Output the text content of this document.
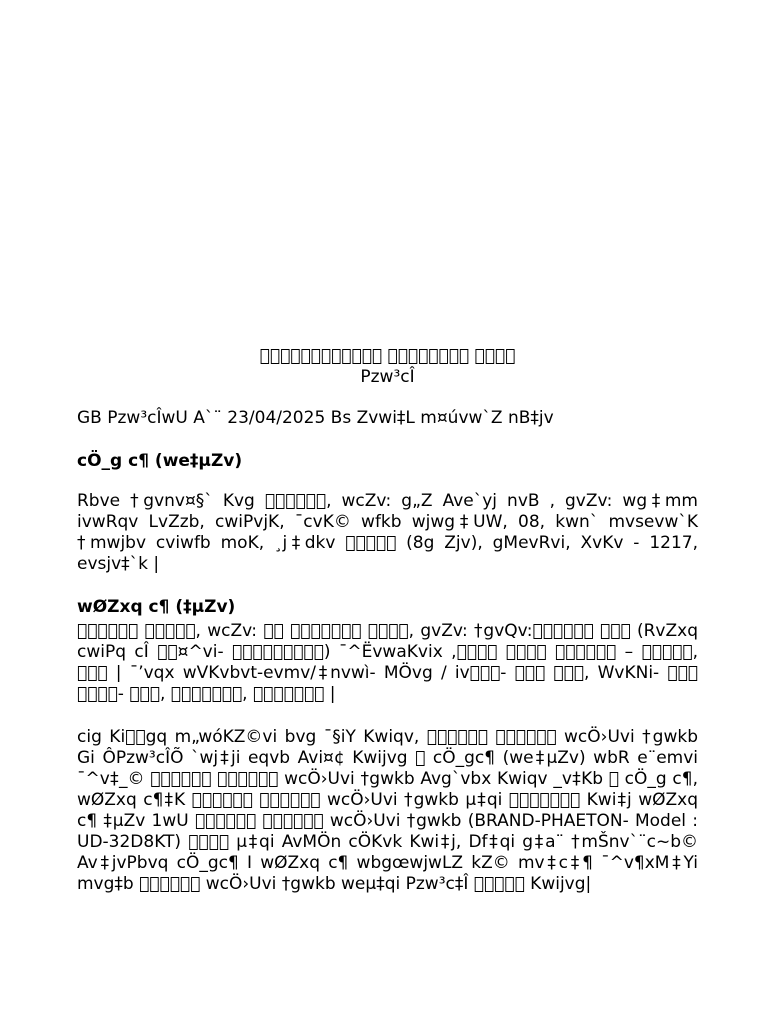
􀀀􀀀􀀀􀀀􀀀􀀀􀀀􀀀􀀀􀀀􀀀􀀀 􀀀􀀀􀀀􀀀􀀀􀀀􀀀􀀀 􀀀􀀀􀀀􀀀
Pzw³cÎ

GB Pzw³cÎwU A`¨ 23/04/2025 Bs Zvwi‡L m¤úvw`Z nB‡jv

cÖ_g c¶ (we‡µZv)

Rbve †gvnv¤§` Kvg 􀀀􀀀􀀀􀀀􀀀􀀀, wcZv: g„Z Ave`yj nvB , gvZv: wg‡mm ivwRqv LvZzb, cwiPvjK, ¯cvK© wfkb wjwg‡UW, 08, kwn` mvsevw`K †mwjbv cviwfb moK, ¸j‡dkv 􀀀􀀀􀀀􀀀􀀀 (8g Zjv), gMevRvi, XvKv - 1217, evsjv‡`k |

wØZxq c¶ (‡µZv)

􀀀􀀀􀀀􀀀􀀀􀀀 􀀀􀀀􀀀􀀀􀀀, wcZv: 􀀀􀀀 􀀀􀀀􀀀􀀀􀀀􀀀􀀀 􀀀􀀀􀀀􀀀, gvZv: †gvQv:􀀀􀀀􀀀􀀀􀀀􀀀 􀀀􀀀􀀀 (RvZxq cwiPq cÎ 􀀀􀀀¤^vi- 􀀀􀀀􀀀􀀀􀀀􀀀􀀀􀀀􀀀) ¯^ËvwaKvix ,􀀀􀀀􀀀􀀀 􀀀􀀀􀀀􀀀 􀀀􀀀􀀀􀀀􀀀􀀀 – 􀀀􀀀􀀀􀀀􀀀, 􀀀􀀀􀀀 | ¯’vqx wVKvbvt-evmv/‡nvwì- MÖvg / iv􀀀􀀀􀀀- 􀀀􀀀􀀀 􀀀􀀀􀀀, WvKNi- 􀀀􀀀􀀀 􀀀􀀀􀀀􀀀- 􀀀􀀀􀀀, 􀀀􀀀􀀀􀀀􀀀􀀀􀀀, 􀀀􀀀􀀀􀀀􀀀􀀀􀀀 |

cig Ki􀀀􀀀gq m„wóKZ©vi bvg ¯§iY Kwiqv, 􀀀􀀀􀀀􀀀􀀀􀀀 􀀀􀀀􀀀􀀀􀀀􀀀 wcÖ›Uvi †gwkb Gi ÔPzw³cÎÕ `wj‡ji eqvb Avi¤¢ Kwijvg 􀀀 cÖ_gc¶ (we‡µZv) wbR e¨emvi ¯^v‡_© 􀀀􀀀􀀀􀀀􀀀􀀀 􀀀􀀀􀀀􀀀􀀀􀀀 wcÖ›Uvi †gwkb Avg`vbx Kwiqv _v‡Kb 􀀀 cÖ_g c¶, wØZxq c¶‡K 􀀀􀀀􀀀􀀀􀀀􀀀 􀀀􀀀􀀀􀀀􀀀􀀀 wcÖ›Uvi †gwkb µ‡qi 􀀀􀀀􀀀􀀀􀀀􀀀􀀀 Kwi‡j wØZxq c¶ ‡µZv 1wU 􀀀􀀀􀀀􀀀􀀀􀀀 􀀀􀀀􀀀􀀀􀀀􀀀 wcÖ›Uvi †gwkb (BRAND-PHAETON- Model : UD-32D8KT) 􀀀􀀀􀀀􀀀 µ‡qi AvMÖn cÖKvk Kwi‡j, Df‡qi g‡a¨ †mŠnv`¨c~b© Av‡jvPbvq cÖ_gc¶ I wØZxq c¶ wbgœwjwLZ kZ© mv‡c‡¶ ¯^v¶xM‡Yi mvg‡b 􀀀􀀀􀀀􀀀􀀀􀀀 wcÖ›Uvi †gwkb weµ‡qi Pzw³c‡Î 􀀀􀀀􀀀􀀀􀀀 Kwijvg|
